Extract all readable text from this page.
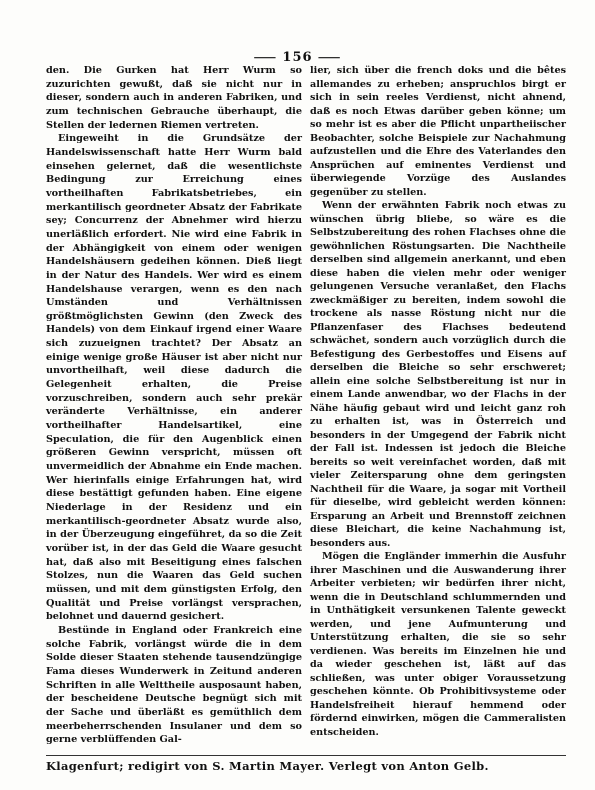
⸺ 156 ⸺

den. Die Gurken hat Herr Wurm so zuzurichten gewußt, daß sie nicht nur in dieser, sondern auch in anderen Fabriken, und zum technischen Gebrauche überhaupt, die Stellen der ledernen Riemen vertreten.

Eingeweiht in die Grundsätze der Handelswissenschaft hatte Herr Wurm bald einsehen gelernet, daß die wesentlichste Bedingung zur Erreichung eines vortheilhaften Fabrikatsbetriebes, ein merkantilisch geordneter Absatz der Fabrikate sey; Concurrenz der Abnehmer wird hierzu unerläßlich erfordert. Nie wird eine Fabrik in der Abhängigkeit von einem oder wenigen Handelshäusern gedeihen können. Dieß liegt in der Natur des Handels. Wer wird es einem Handelshause verargen, wenn es den nach Umständen und Verhältnissen größtmöglichsten Gewinn (den Zweck des Handels) von dem Einkauf irgend einer Waare sich zuzueignen trachtet? Der Absatz an einige wenige große Häuser ist aber nicht nur unvortheilhaft, weil diese dadurch die Gelegenheit erhalten, die Preise vorzuschreiben, sondern auch sehr prekär veränderte Verhältnisse, ein anderer vortheilhafter Handelsartikel, eine Speculation, die für den Augenblick einen größeren Gewinn verspricht, müssen oft unvermeidlich der Abnahme ein Ende machen. Wer hierinfalls einige Erfahrungen hat, wird diese bestättigt gefunden haben. Eine eigene Niederlage in der Residenz und ein merkantilisch-geordneter Absatz wurde also, in der Überzeugung eingeführet, da so die Zeit vorüber ist, in der das Geld die Waare gesucht hat, daß also mit Beseitigung eines falschen Stolzes, nun die Waaren das Geld suchen müssen, und mit dem günstigsten Erfolg, den Qualität und Preise vorlängst versprachen, belohnet und dauernd gesichert.

Bestünde in England oder Frankreich eine solche Fabrik, vorlängst würde die in dem Solde dieser Staaten stehende tausendzüngige Fama dieses Wunderwerk in Zeitund anderen Schriften in alle Welttheile ausposaunt haben, der bescheidene Deutsche begnügt sich mit der Sache und überläßt es gemüthlich dem meerbeherrschenden Insulaner und dem so gerne verblüffenden Gal-

lier, sich über die french doks und die bêtes allemandes zu erheben; anspruchlos birgt er sich in sein reeles Verdienst, nicht ahnend, daß es noch Etwas darüber geben könne; um so mehr ist es aber die Pflicht unpartheiischer Beobachter, solche Beispiele zur Nachahmung aufzustellen und die Ehre des Vaterlandes den Ansprüchen auf eminentes Verdienst und überwiegende Vorzüge des Auslandes gegenüber zu stellen.

Wenn der erwähnten Fabrik noch etwas zu wünschen übrig bliebe, so wäre es die Selbstzubereitung des rohen Flachses ohne die gewöhnlichen Röstungsarten. Die Nachtheile derselben sind allgemein anerkannt, und eben diese haben die vielen mehr oder weniger gelungenen Versuche veranlaßet, den Flachs zweckmäßiger zu bereiten, indem sowohl die trockene als nasse Röstung nicht nur die Pflanzenfaser des Flachses bedeutend schwächet, sondern auch vorzüglich durch die Befestigung des Gerbestoffes und Eisens auf derselben die Bleiche so sehr erschweret; allein eine solche Selbstbereitung ist nur in einem Lande anwendbar, wo der Flachs in der Nähe häufig gebaut wird und leicht ganz roh zu erhalten ist, was in Österreich und besonders in der Umgegend der Fabrik nicht der Fall ist. Indessen ist jedoch die Bleiche bereits so weit vereinfachet worden, daß mit vieler Zeitersparung ohne dem geringsten Nachtheil für die Waare, ja sogar mit Vortheil für dieselbe, wird gebleicht werden können: Ersparung an Arbeit und Brennstoff zeichnen diese Bleichart, die keine Nachahmung ist, besonders aus.

Mögen die Engländer immerhin die Ausfuhr ihrer Maschinen und die Auswanderung ihrer Arbeiter verbieten; wir bedürfen ihrer nicht, wenn die in Deutschland schlummernden und in Unthätigkeit versunkenen Talente geweckt werden, und jene Aufmunterung und Unterstützung erhalten, die sie so sehr verdienen. Was bereits im Einzelnen hie und da wieder geschehen ist, läßt auf das schließen, was unter obiger Voraussetzung geschehen könnte. Ob Prohibitivsysteme oder Handelsfreiheit hierauf hemmend oder fördernd einwirken, mögen die Cammeralisten entscheiden.

Klagenfurt; redigirt von S. Martin Mayer. Verlegt von Anton Gelb.
